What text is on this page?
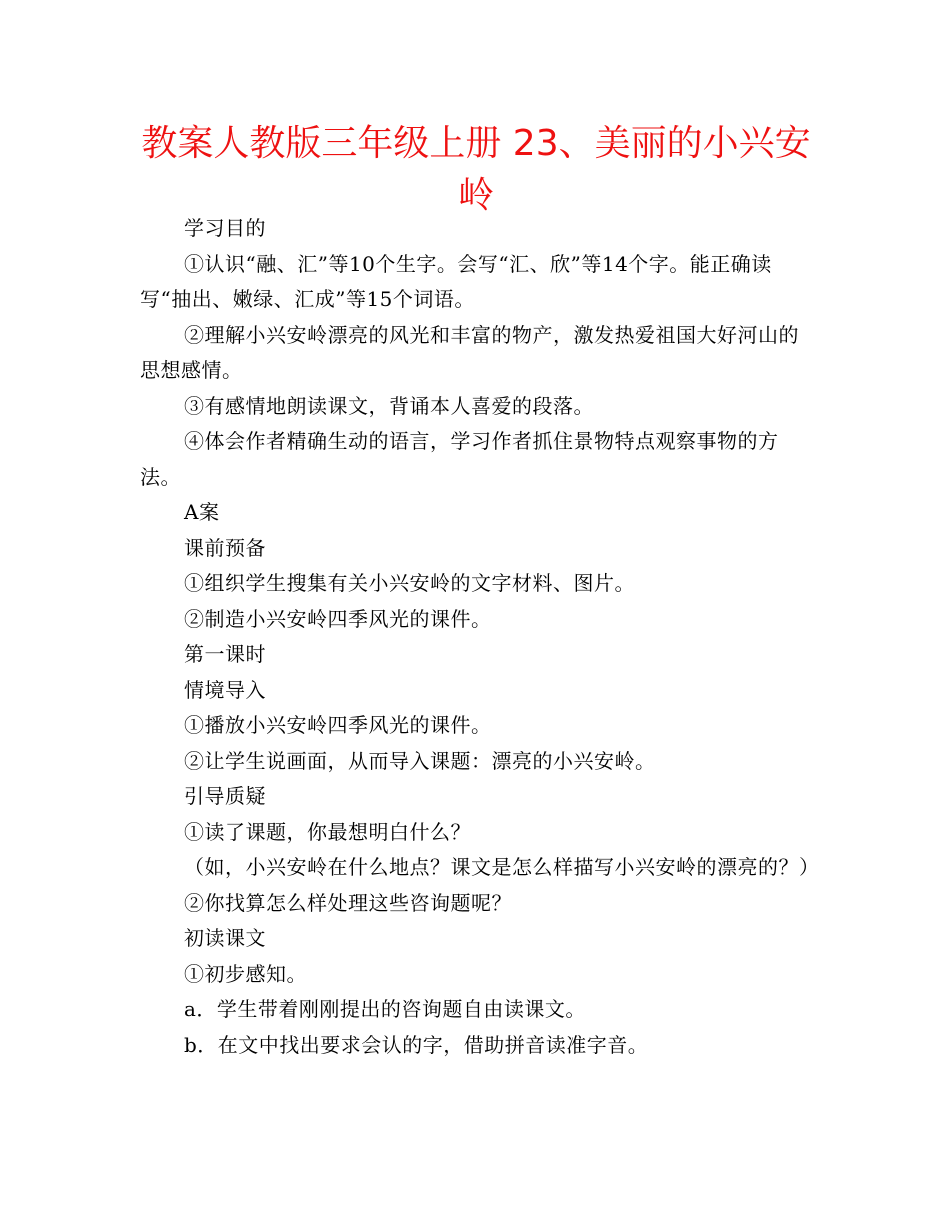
教案人教版三年级上册 23、美丽的小兴安岭

学习目的

①认识“融、汇”等10个生字。会写“汇、欣”等14个字。能正确读写“抽出、嫩绿、汇成”等15个词语。

②理解小兴安岭漂亮的风光和丰富的物产，激发热爱祖国大好河山的思想感情。

③有感情地朗读课文，背诵本人喜爱的段落。

④体会作者精确生动的语言，学习作者抓住景物特点观察事物的方法。

A案

课前预备

①组织学生搜集有关小兴安岭的文字材料、图片。

②制造小兴安岭四季风光的课件。

第一课时

情境导入

①播放小兴安岭四季风光的课件。

②让学生说画面，从而导入课题：漂亮的小兴安岭。

引导质疑

①读了课题，你最想明白什么？

（如，小兴安岭在什么地点？课文是怎么样描写小兴安岭的漂亮的？）

②你找算怎么样处理这些咨询题呢？

初读课文

①初步感知。

a．学生带着刚刚提出的咨询题自由读课文。

b．在文中找出要求会认的字，借助拼音读准字音。
